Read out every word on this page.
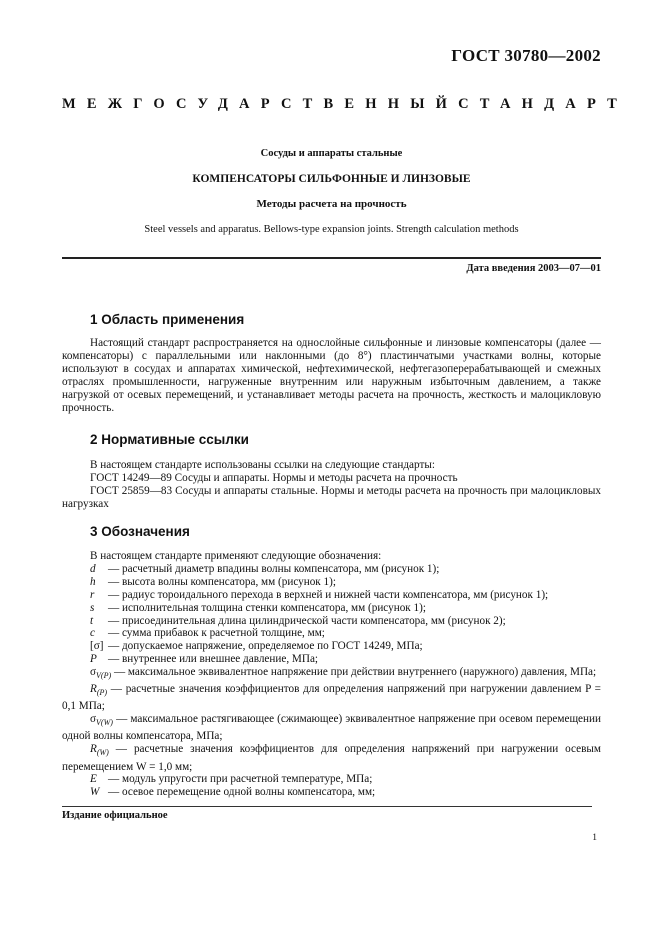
ГОСТ 30780—2002
МЕЖГОСУДАРСТВЕННЫЙ СТАНДАРТ

Сосуды и аппараты стальные

КОМПЕНСАТОРЫ СИЛЬФОННЫЕ И ЛИНЗОВЫЕ

Методы расчета на прочность

Steel vessels and apparatus. Bellows-type expansion joints. Strength calculation methods

Дата введения 2003—07—01
1 Область применения

Настоящий стандарт распространяется на однослойные сильфонные и линзовые компенсаторы (далее — компенсаторы) с параллельными или наклонными (до 8°) пластинчатыми участками волны, которые используют в сосудах и аппаратах химической, нефтехимической, нефтегазоперерабатывающей и смежных отраслях промышленности, нагруженные внутренним или наружным избыточным давлением, а также нагрузкой от осевых перемещений, и устанавливает методы расчета на прочность, жесткость и малоцикловую прочность.

2 Нормативные ссылки

В настоящем стандарте использованы ссылки на следующие стандарты:

ГОСТ 14249—89 Сосуды и аппараты. Нормы и методы расчета на прочность

ГОСТ 25859—83 Сосуды и аппараты стальные. Нормы и методы расчета на прочность при малоцикловых нагрузках

3 Обозначения

В настоящем стандарте применяют следующие обозначения:

d	— расчетный диаметр впадины волны компенсатора, мм (рисунок 1);
h	— высота волны компенсатора, мм (рисунок 1);
r	— радиус тороидального перехода в верхней и нижней части компенсатора, мм (рисунок 1);
s	— исполнительная толщина стенки компенсатора, мм (рисунок 1);
t	— присоединительная длина цилиндрической части компенсатора, мм (рисунок 2);
c	— сумма прибавок к расчетной толщине, мм;
[σ] — допускаемое напряжение, определяемое по ГОСТ 14249, МПа;
P — внутреннее или внешнее давление, МПа;

$\sigma_{V(P)}$ — максимальное эквивалентное напряжение при действии внутреннего (наружного) давления, МПа;

$R_{(P)}$ — расчетные значения коэффициентов для определения напряжений при нагружении давлением P = 0,1 МПа;

$\sigma_{V(W)}$ — максимальное растягивающее (сжимающее) эквивалентное напряжение при осевом перемещении одной волны компенсатора, МПа;

$R_{(W)}$ — расчетные значения коэффициентов для определения напряжений при нагружении осевым перемещением W = 1,0 мм;

E — модуль упругости при расчетной температуре, МПа;
W — осевое перемещение одной волны компенсатора, мм;
Издание официальное
1
